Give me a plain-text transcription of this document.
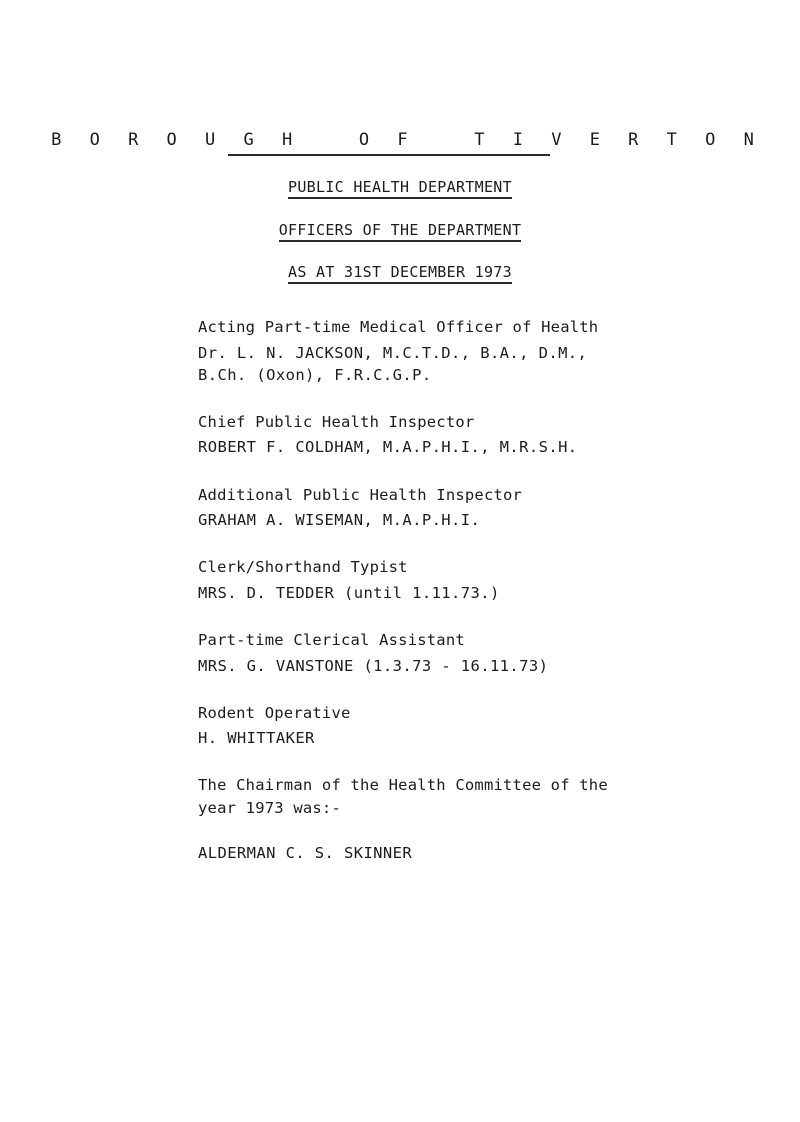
B O R O U G H   O F   T I V E R T O N
PUBLIC HEALTH DEPARTMENT
OFFICERS OF THE DEPARTMENT
AS AT 31ST DECEMBER 1973
Acting Part-time Medical Officer of Health
Dr. L. N. JACKSON, M.C.T.D., B.A., D.M.,
B.Ch. (Oxon), F.R.C.G.P.
Chief Public Health Inspector
ROBERT F. COLDHAM, M.A.P.H.I., M.R.S.H.
Additional Public Health Inspector
GRAHAM A. WISEMAN, M.A.P.H.I.
Clerk/Shorthand Typist
MRS. D. TEDDER (until 1.11.73.)
Part-time Clerical Assistant
MRS. G. VANSTONE (1.3.73 - 16.11.73)
Rodent Operative
H. WHITTAKER
The Chairman of the Health Committee of the
year 1973 was:-
ALDERMAN C. S. SKINNER
